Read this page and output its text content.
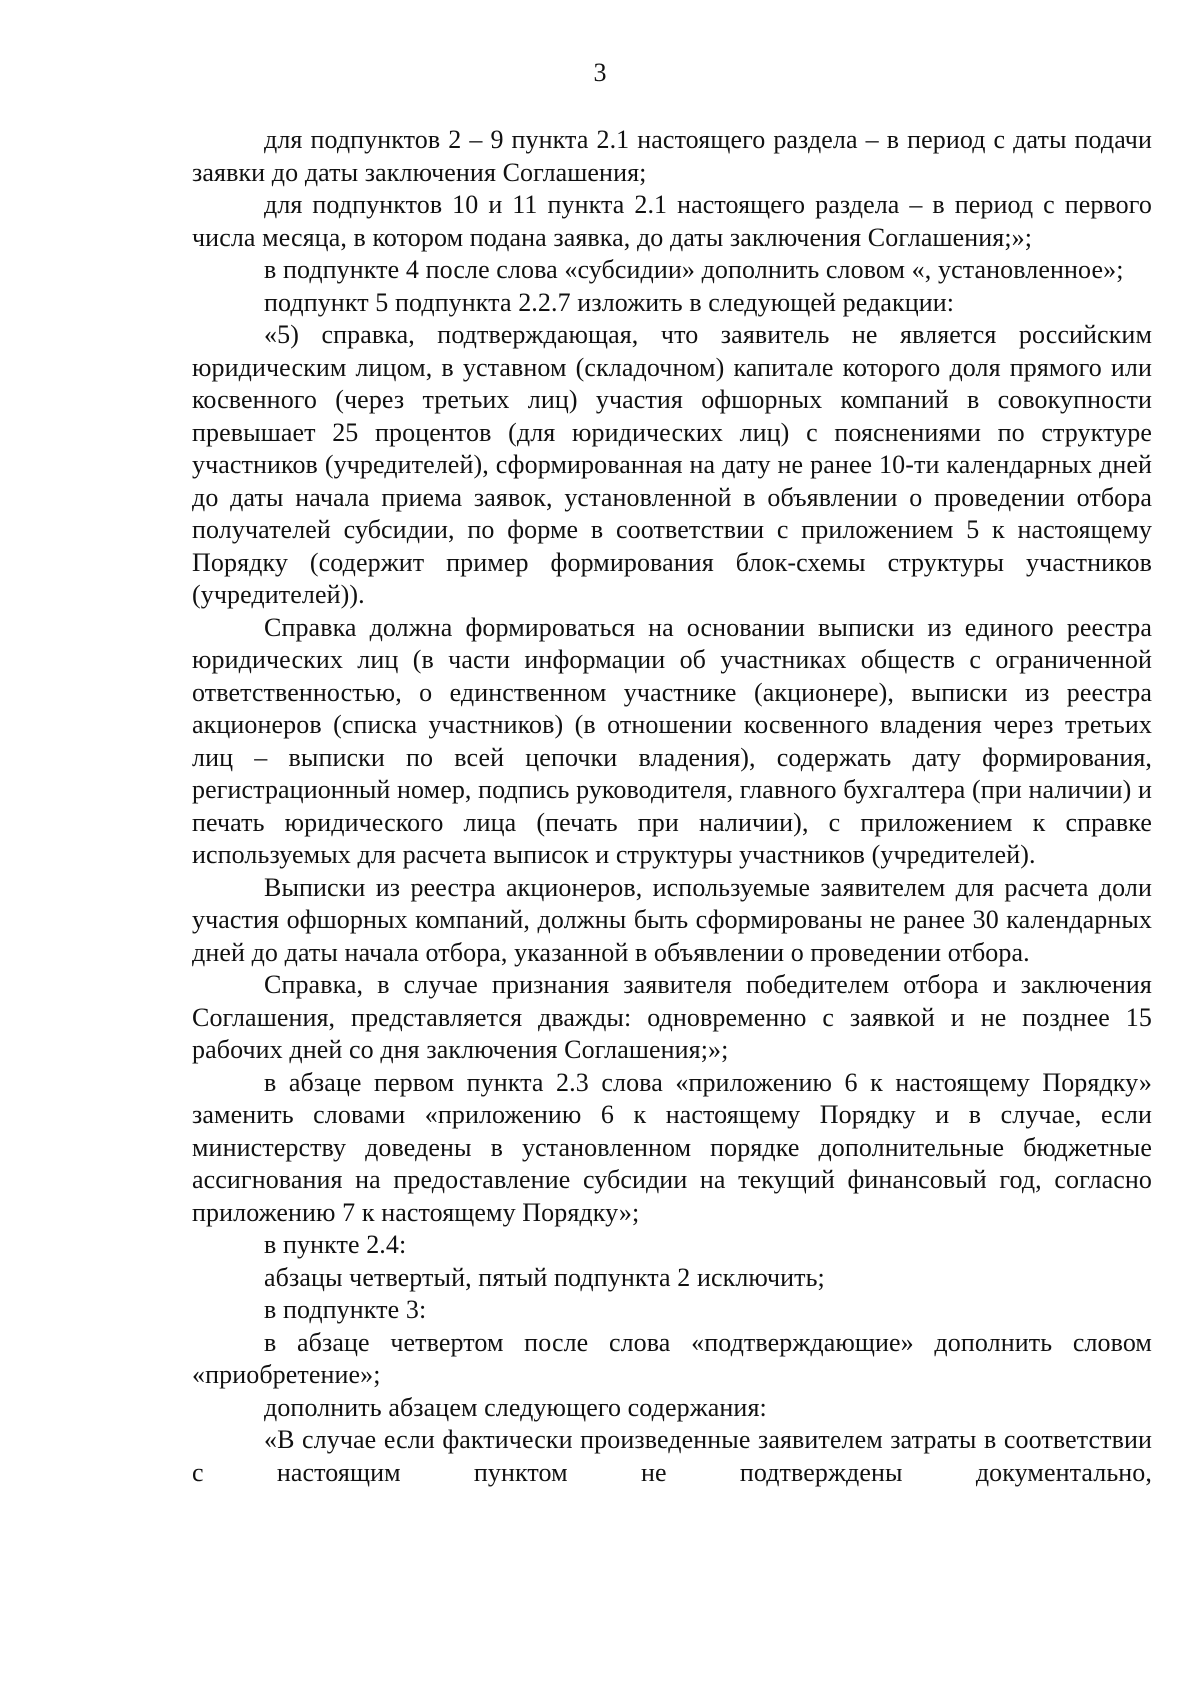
3

для подпунктов 2 – 9 пункта 2.1 настоящего раздела – в период с даты подачи заявки до даты заключения Соглашения;

для подпунктов 10 и 11 пункта 2.1 настоящего раздела – в период с первого числа месяца, в котором подана заявка, до даты заключения Соглашения;»;

в подпункте 4 после слова «субсидии» дополнить словом «, установленное»;

подпункт 5 подпункта 2.2.7 изложить в следующей редакции:

«5) справка, подтверждающая, что заявитель не является российским юридическим лицом, в уставном (складочном) капитале которого доля прямого или косвенного (через третьих лиц) участия офшорных компаний в совокупности превышает 25 процентов (для юридических лиц) с пояснениями по структуре участников (учредителей), сформированная на дату не ранее 10-ти календарных дней до даты начала приема заявок, установленной в объявлении о проведении отбора получателей субсидии, по форме в соответствии с приложением 5 к настоящему Порядку (содержит пример формирования блок-схемы структуры участников (учредителей)).

Справка должна формироваться на основании выписки из единого реестра юридических лиц (в части информации об участниках обществ с ограниченной ответственностью, о единственном участнике (акционере), выписки из реестра акционеров (списка участников) (в отношении косвенного владения через третьих лиц – выписки по всей цепочки владения), содержать дату формирования, регистрационный номер, подпись руководителя, главного бухгалтера (при наличии) и печать юридического лица (печать при наличии), с приложением к справке используемых для расчета выписок и структуры участников (учредителей).

Выписки из реестра акционеров, используемые заявителем для расчета доли участия офшорных компаний, должны быть сформированы не ранее 30 календарных дней до даты начала отбора, указанной в объявлении о проведении отбора.

Справка, в случае признания заявителя победителем отбора и заключения Соглашения, представляется дважды: одновременно с заявкой и не позднее 15 рабочих дней со дня заключения Соглашения;»;

в абзаце первом пункта 2.3 слова «приложению 6 к настоящему Порядку» заменить словами «приложению 6 к настоящему Порядку и в случае, если министерству доведены в установленном порядке дополнительные бюджетные ассигнования на предоставление субсидии на текущий финансовый год, согласно приложению 7 к настоящему Порядку»;

в пункте 2.4:

абзацы четвертый, пятый подпункта 2 исключить;

в подпункте 3:

в абзаце четвертом после слова «подтверждающие» дополнить словом «приобретение»;

дополнить абзацем следующего содержания:

«В случае если фактически произведенные заявителем затраты в соответствии с настоящим пунктом не подтверждены документально,
